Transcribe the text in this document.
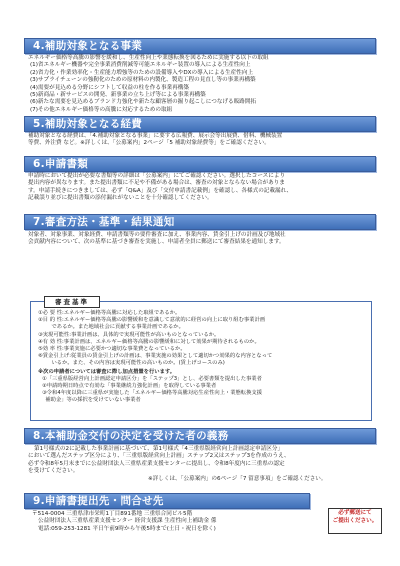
4.補助対象となる事業
エネルギー価格等高騰の影響を緩和し、生産性向上や業態転換を図るために実施する以下の取組
(1)省エネルギー機器や完全事業消費削減等可能エネルギー装置の導入による生産性向上
(2)省力化・作業効率化・生産能力増強等のための設備導入やDXの導入による生産性向上
(3)サプライチェーンの強靭化のための原材料の内製化、製造工程の見直し等の事業再構築
(4)需要が見込める分野にシフトして収益の柱を作る事業再構築
(5)新商品・新サービスの開発、新事業の立ち上げ等による事業再構築
(6)新たな需要を見込めるブランド力強化や新たな顧客層の掘り起こしにつなげる販路開拓
(7)その他エネルギー価格等の高騰に対応するための取組
5.補助対象となる経費
補助対象となる経費は、「4.補助対象となる事業」に要する広報費、展示会等出展費、借料、機械装置
等費、外注費 など。※詳しくは、「公募案内」2ページ「5 補助対象経費等」をご確認ください。
6.申請書類
申請時において提出が必要な書類等の詳細は「公募案内」にてご確認ください。選択したコースにより
提出内容が異なります。また提出書類に不足や不備がある場合は、審査の対象とならない場合がありま
す。申請手続きにつきましては、必ず「Q&A」及び「交付申請書記載例」を確認し、各様式の記載漏れ、
記載誤り並びに提出書類の添付漏れがないことを十分確認してください。
7.審査方法・基準・結果通知
対象者、対象事業、対象経費、申請書類等の要件審査に加え、事業内容、賃金引上げの計画及び地域社
会貢献内容について、次の基準に基づき審査を実施し、申請者全員に郵送にて審査結果を通知します。
審査基準
①必 要 性:エネルギー価格等高騰に対応した取組であるか。
②目 的 性:エネルギー価格等高騰の影響緩和を意識して意欲的に経営の向上に取り組む事業計画
であるか。また地域社会に貢献する事業計画であるか。
③実現可能性:事業計画は、具体的で実現可能性が高いものとなっているか。
④有 効 性:事業計画は、エネルギー価格等高騰の影響緩和に対して効果が期待されるものか。
⑤効 率 性:事業実施に必要かつ適切な事業費となっているか。
⑥賃金引上げ:従業員の賃金引上げの計画は、事業実施の効果として適切かつ効果的な内容となって
いるか。また、その内容は実現可能性の高いものか。(賃上げコースのみ)
※次の申請者については審査に際し加点措置を行います。
①「三重県版経営向上計画認定申請区分」を「ステップ3」とし、必要書類を提出した事業者
②申請時期日時点で有効な「事業継続力強化計画」を取得している事業者
③令和4年度以降に三重県が実施した「エネルギー価格等高騰対応生産性向上・業態転換支援
補助金」等の採択を受けていない事業者
8.本補助金交付の決定を受けた者の義務
第1号様式の2に記載した事業計画に基づいて、第1号様式「4三重県版経営向上計画認定申請区分」
において選んだステップ区分により、「三重県版経営向上計画」ステップ2又はステップ3を作成のうえ、
必ず令和8年5月末までに公益財団法人三重県産業支援センターに提出し、令和8年度内に三重県の認定
を受けてください。
※詳しくは、「公募案内」の6ページ「7 留意事項」をご確認ください。
9.申請書提出先・問合せ先
〒514-0004 三重県津市栄町1丁目891番地 三重県合同ビル5階
公益財団法人三重県産業支援センター 経営支援課 生産性向上補助金 係
電話:059-253-1281 平日午前9時から午後5時まで(土日・祝日を除く)
必ず郵送にて
ご提出ください。
